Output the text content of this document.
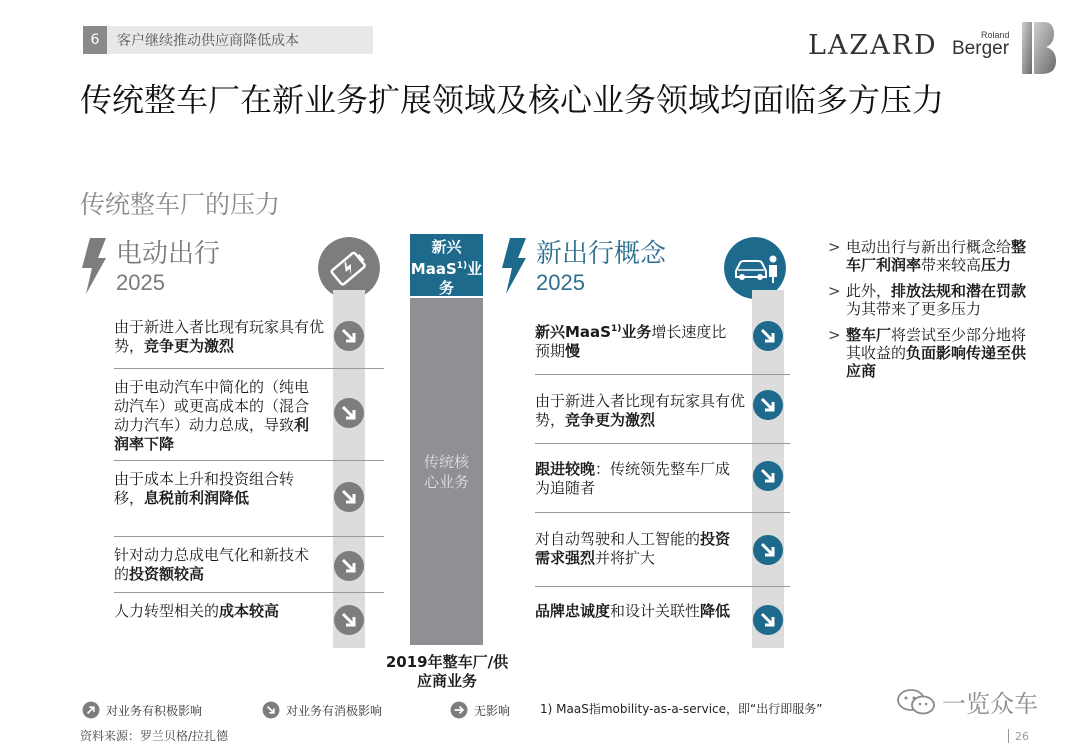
6	客户继续推动供应商降低成本	LAZARD	Roland
Berger
传统整车厂在新业务扩展领域及核心业务领域均面临多方压力
传统整车厂的压力
电动出行
2025
由于新进入者比现有玩家具有优势，竞争更为激烈
由于电动汽车中简化的（纯电动汽车）或更高成本的（混合动力汽车）动力总成，导致利润率下降
由于成本上升和投资组合转移，息税前利润降低
针对动力总成电气化和新技术的投资额较高
人力转型相关的成本较高
新兴
MaaS$^{1)}$业
务
传统核心业务
2019年整车厂/供应商业务
新出行概念
2025
新兴MaaS$^{1)}$业务增长速度比预期慢
由于新进入者比现有玩家具有优势，竞争更为激烈
跟进较晚：传统领先整车厂成为追随者
对自动驾驶和人工智能的投资需求强烈并将扩大
品牌忠诚度和设计关联性降低
> 电动出行与新出行概念给整车厂利润率带来较高压力
> 此外，排放法规和潜在罚款为其带来了更多压力
> 整车厂将尝试至少部分地将其收益的负面影响传递至供应商
对业务有积极影响	对业务有消极影响	无影响 1) MaaS指mobility-as-a-service，即“出行即服务”
资料来源：罗兰贝格/拉扎德
一览众车
26
